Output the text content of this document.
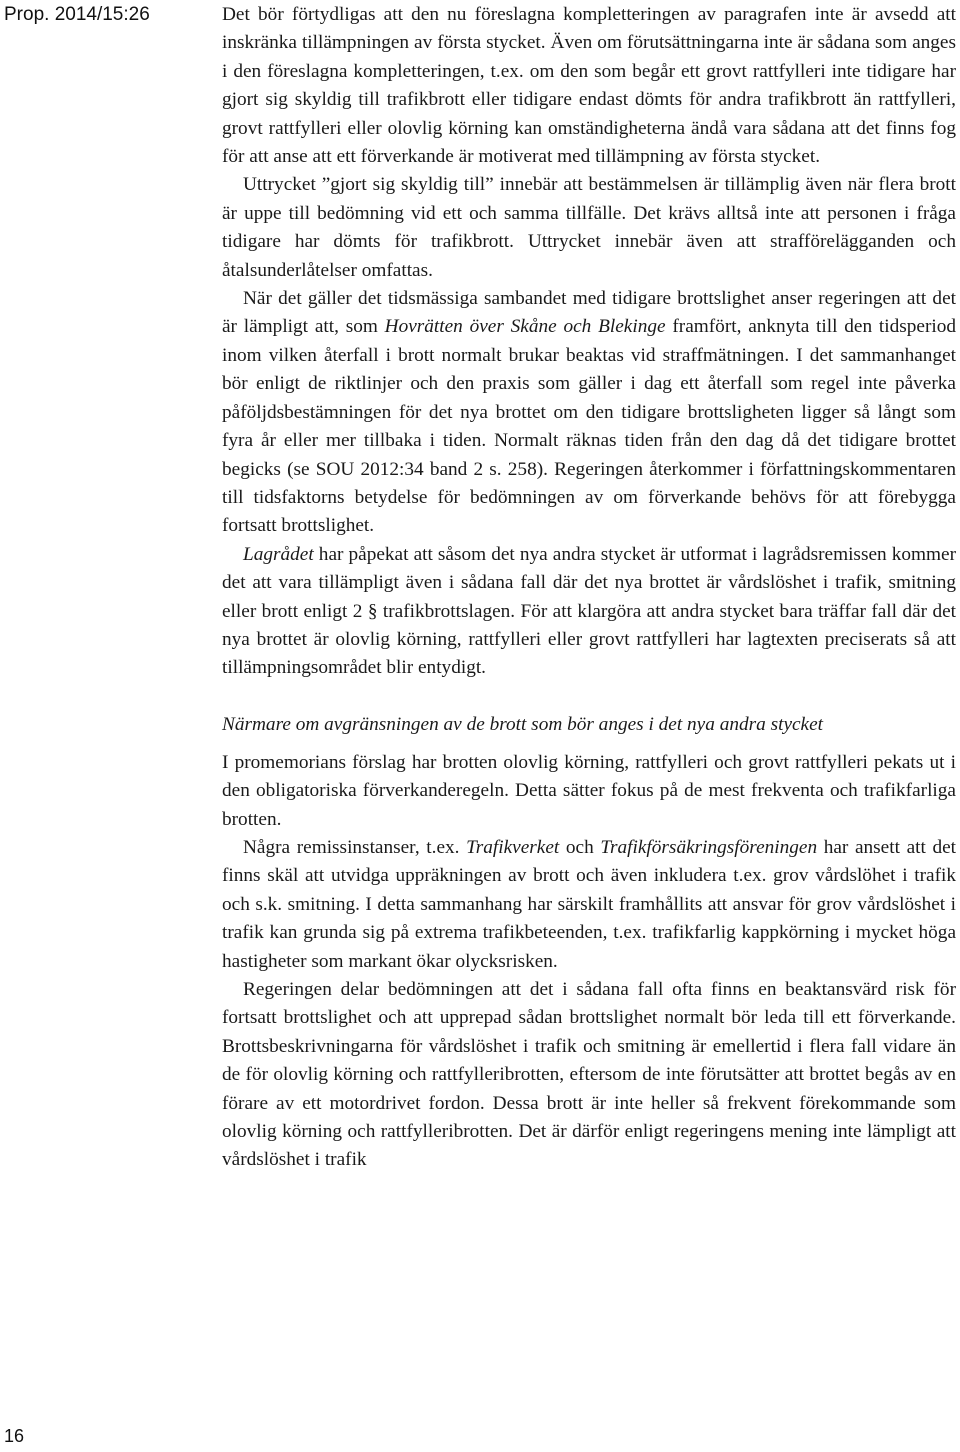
Prop. 2014/15:26
16

Det bör förtydligas att den nu föreslagna kompletteringen av paragrafen inte är avsedd att inskränka tillämpningen av första stycket. Även om förutsättningarna inte är sådana som anges i den föreslagna kompletteringen, t.ex. om den som begår ett grovt rattfylleri inte tidigare har gjort sig skyldig till trafikbrott eller tidigare endast dömts för andra trafikbrott än rattfylleri, grovt rattfylleri eller olovlig körning kan omständigheterna ändå vara sådana att det finns fog för att anse att ett förverkande är motiverat med tillämpning av första stycket.

Uttrycket ”gjort sig skyldig till” innebär att bestämmelsen är tillämplig även när flera brott är uppe till bedömning vid ett och samma tillfälle. Det krävs alltså inte att personen i fråga tidigare har dömts för trafikbrott. Uttrycket innebär även att strafförelägganden och åtalsunderlåtelser omfattas.

När det gäller det tidsmässiga sambandet med tidigare brottslighet anser regeringen att det är lämpligt att, som Hovrätten över Skåne och Blekinge framfört, anknyta till den tidsperiod inom vilken återfall i brott normalt brukar beaktas vid straffmätningen. I det sammanhanget bör enligt de riktlinjer och den praxis som gäller i dag ett återfall som regel inte påverka påföljdsbestämningen för det nya brottet om den tidigare brottsligheten ligger så långt som fyra år eller mer tillbaka i tiden. Normalt räknas tiden från den dag då det tidigare brottet begicks (se SOU 2012:34 band 2 s. 258). Regeringen återkommer i författningskommentaren till tidsfaktorns betydelse för bedömningen av om förverkande behövs för att förebygga fortsatt brottslighet.

Lagrådet har påpekat att såsom det nya andra stycket är utformat i lagrådsremissen kommer det att vara tillämpligt även i sådana fall där det nya brottet är vårdslöshet i trafik, smitning eller brott enligt 2 § trafikbrottslagen. För att klargöra att andra stycket bara träffar fall där det nya brottet är olovlig körning, rattfylleri eller grovt rattfylleri har lagtexten preciserats så att tillämpningsområdet blir entydigt.

Närmare om avgränsningen av de brott som bör anges i det nya andra stycket

I promemorians förslag har brotten olovlig körning, rattfylleri och grovt rattfylleri pekats ut i den obligatoriska förverkanderegeln. Detta sätter fokus på de mest frekventa och trafikfarliga brotten.

Några remissinstanser, t.ex. Trafikverket och Trafikförsäkringsföreningen har ansett att det finns skäl att utvidga uppräkningen av brott och även inkludera t.ex. grov vårdslöhet i trafik och s.k. smitning. I detta sammanhang har särskilt framhållits att ansvar för grov vårdslöshet i trafik kan grunda sig på extrema trafikbeteenden, t.ex. trafikfarlig kappkörning i mycket höga hastigheter som markant ökar olycksrisken.

Regeringen delar bedömningen att det i sådana fall ofta finns en beaktansvärd risk för fortsatt brottslighet och att upprepad sådan brottslighet normalt bör leda till ett förverkande. Brottsbeskrivningarna för vårdslöshet i trafik och smitning är emellertid i flera fall vidare än de för olovlig körning och rattfylleribrotten, eftersom de inte förutsätter att brottet begås av en förare av ett motordrivet fordon. Dessa brott är inte heller så frekvent förekommande som olovlig körning och rattfylleribrotten. Det är därför enligt regeringens mening inte lämpligt att vårdslöshet i trafik
